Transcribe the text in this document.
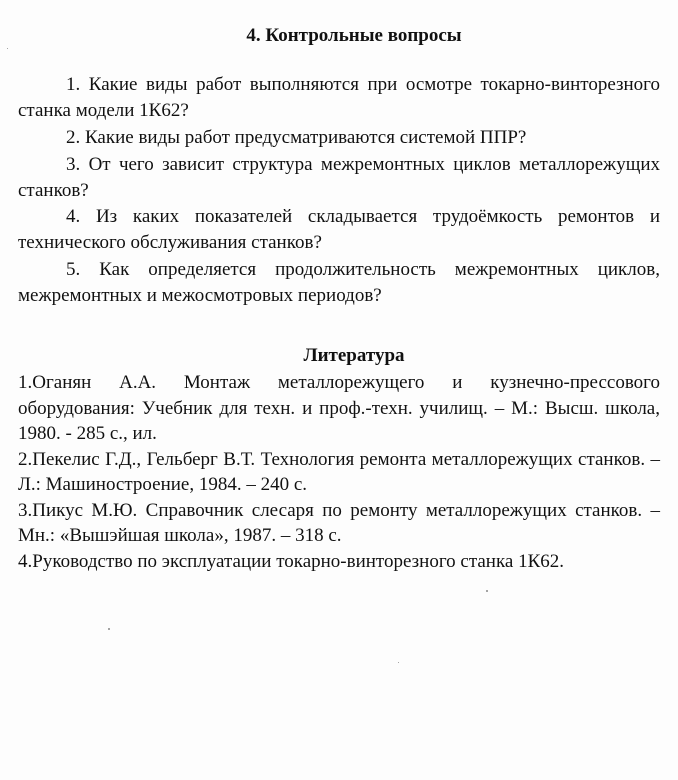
4. Контрольные вопросы

1. Какие виды работ выполняются при осмотре токарно-винторезного станка модели 1К62?

2. Какие виды работ предусматриваются системой ППР?

3. От чего зависит структура межремонтных циклов металлорежущих станков?

4. Из каких показателей складывается трудоёмкость ремонтов и технического обслуживания станков?

5. Как определяется продолжительность межремонтных циклов, межремонтных и межосмотровых периодов?

Литература

1.Оганян А.А. Монтаж металлорежущего и кузнечно-прессового оборудования: Учебник для техн. и проф.-техн. училищ. – М.: Высш. школа, 1980. - 285 с., ил.

2.Пекелис Г.Д., Гельберг В.Т. Технология ремонта металлорежущих станков. – Л.: Машиностроение, 1984. – 240 с.

3.Пикус М.Ю. Справочник слесаря по ремонту металлорежущих станков. – Мн.: «Вышэйшая школа», 1987. – 318 с.

4.Руководство по эксплуатации токарно-винторезного станка 1К62.
